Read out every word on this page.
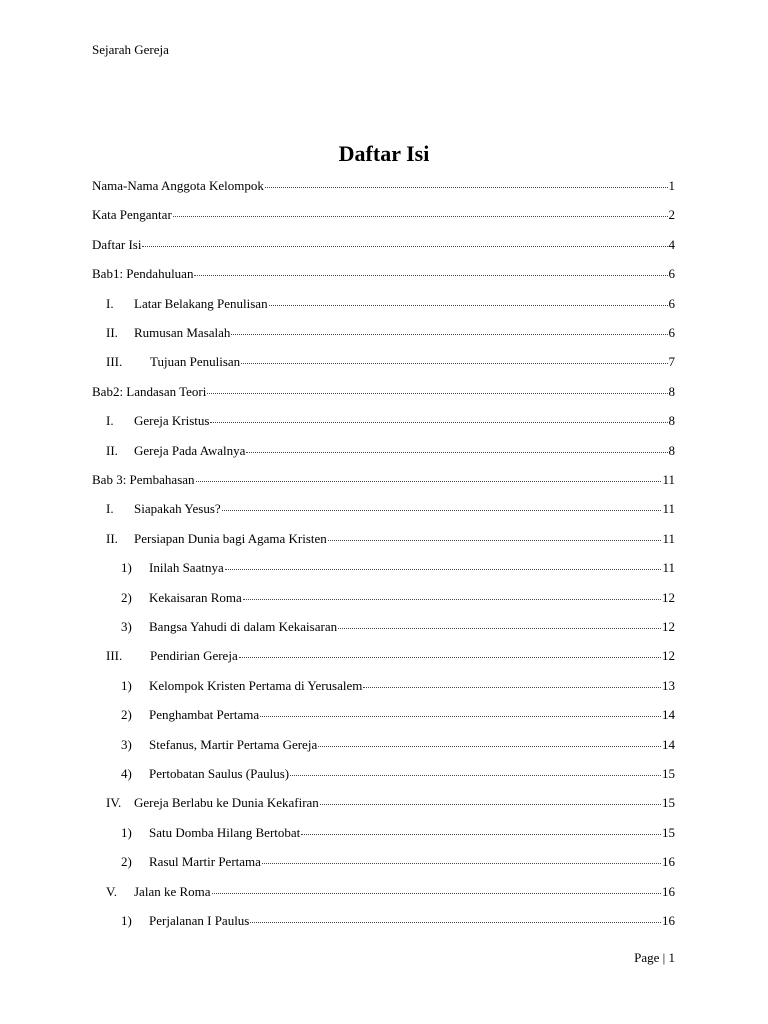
Sejarah Gereja
Daftar Isi
Nama-Nama Anggota Kelompok	1
Kata Pengantar	2
Daftar Isi	4
Bab1: Pendahuluan	6
I.	Latar Belakang Penulisan	6
II.	Rumusan Masalah	6
III.	Tujuan Penulisan	7
Bab2: Landasan Teori	8
I.	Gereja Kristus	8
II.	Gereja Pada Awalnya	8
Bab 3: Pembahasan	11
I.	Siapakah Yesus?	11
II.	Persiapan Dunia bagi Agama Kristen	11
1)	Inilah Saatnya	11
2)	Kekaisaran Roma	12
3)	Bangsa Yahudi di dalam Kekaisaran	12
III.	Pendirian Gereja	12
1)	Kelompok Kristen Pertama di Yerusalem	13
2)	Penghambat Pertama	14
3)	Stefanus, Martir Pertama Gereja	14
4)	Pertobatan Saulus (Paulus)	15
IV. Gereja Berlabu ke Dunia Kekafiran	15
1)	Satu Domba Hilang Bertobat	15
2)	Rasul Martir Pertama	16
V.	Jalan ke Roma	16
1)	Perjalanan I Paulus	16
Page | 1
